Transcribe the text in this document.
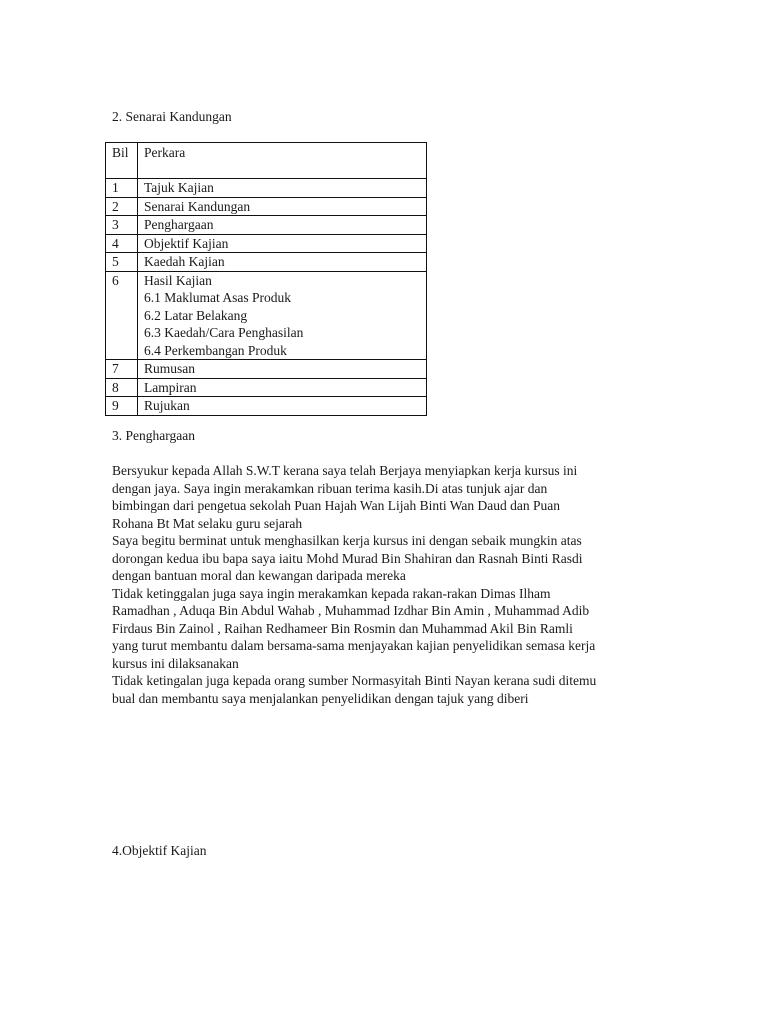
2. Senarai Kandungan
Bil	Perkara
1	Tajuk Kajian
2	Senarai Kandungan
3	Penghargaan
4	Objektif Kajian
5	Kaedah Kajian
6	Hasil Kajian
6.1 Maklumat Asas Produk
6.2 Latar Belakang
6.3 Kaedah/Cara Penghasilan
6.4 Perkembangan Produk

7	Rumusan
8	Lampiran
9	Rujukan
3. Penghargaan

Bersyukur kepada Allah S.W.T kerana saya telah Berjaya menyiapkan kerja kursus ini

dengan jaya. Saya ingin merakamkan ribuan terima kasih.Di atas tunjuk ajar dan

bimbingan dari pengetua sekolah Puan Hajah Wan Lijah Binti Wan Daud dan Puan

Rohana Bt Mat selaku guru sejarah

Saya begitu berminat untuk menghasilkan kerja kursus ini dengan sebaik mungkin atas

dorongan kedua ibu bapa saya iaitu Mohd Murad Bin Shahiran dan Rasnah Binti Rasdi

dengan bantuan moral dan kewangan daripada mereka

Tidak ketinggalan juga saya ingin merakamkan kepada rakan-rakan Dimas Ilham

Ramadhan , Aduqa Bin Abdul Wahab , Muhammad Izdhar Bin Amin , Muhammad Adib

Firdaus Bin Zainol , Raihan Redhameer Bin Rosmin dan Muhammad Akil Bin Ramli

yang turut membantu dalam bersama-sama menjayakan kajian penyelidikan semasa kerja

kursus ini dilaksanakan

Tidak ketingalan juga kepada orang sumber Normasyitah Binti Nayan kerana sudi ditemu

bual dan membantu saya menjalankan penyelidikan dengan tajuk yang diberi

4.Objektif Kajian
